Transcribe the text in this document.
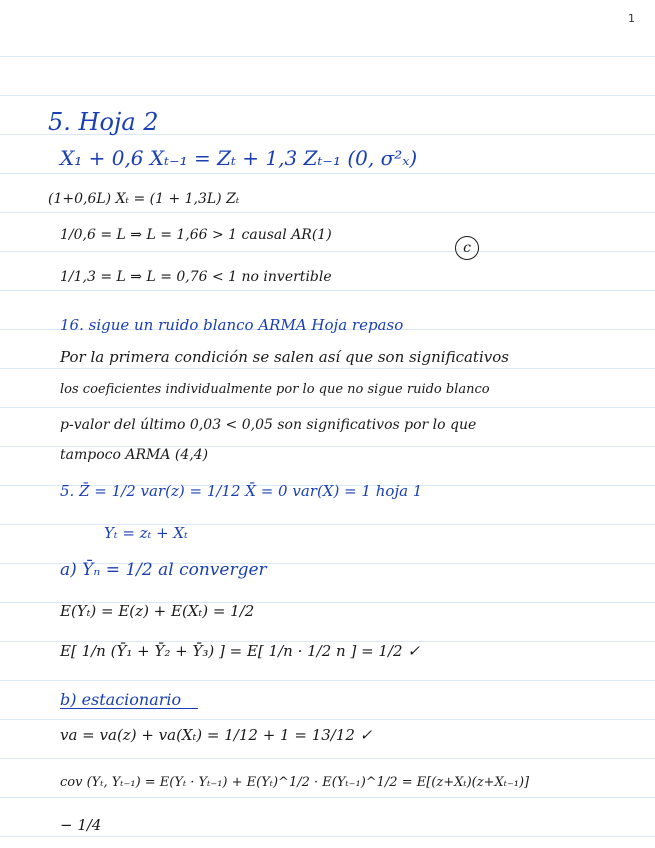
1
5. Hoja 2
X₁ + 0,6 Xₜ₋₁ = Zₜ + 1,3 Zₜ₋₁ (0, σ²ₓ)
(1+0,6L) Xₜ = (1 + 1,3L) Zₜ
1/0,6 = L ⇒ L = 1,66 > 1 causal AR(1)
c
1/1,3 = L ⇒ L = 0,76 < 1 no invertible
16. sigue un ruido blanco ARMA Hoja repaso
Por la primera condición se salen así que son significativos
los coeficientes individualmente por lo que no sigue ruido blanco
p-valor del último 0,03 < 0,05 son significativos por lo que
tampoco ARMA (4,4)
5. Z̄ = 1/2 var(z) = 1/12 X̄ = 0 var(X) = 1 hoja 1
Yₜ = zₜ + Xₜ
a) Ȳₙ = 1/2 al converger
E(Yₜ) = E(z) + E(Xₜ) = 1/2
E[ 1/n (Ȳ₁ + Ȳ₂ + Ȳ₃) ] = E[ 1/n · 1/2 n ] = 1/2 ✓
b) estacionario
va = va(z) + va(Xₜ) = 1/12 + 1 = 13/12 ✓
cov (Yₜ, Yₜ₋₁) = E(Yₜ · Yₜ₋₁) + E(Yₜ)^1/2 · E(Yₜ₋₁)^1/2 = E[(z+Xₜ)(z+Xₜ₋₁)]
− 1/4
